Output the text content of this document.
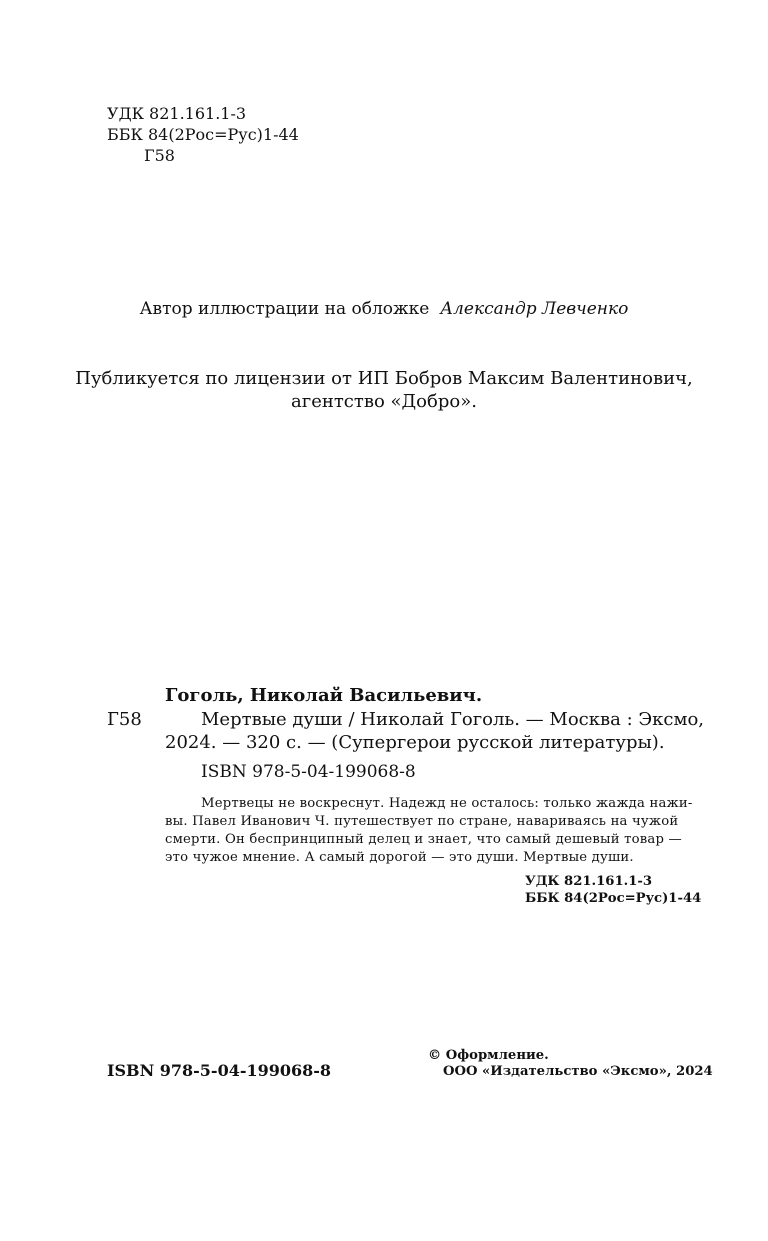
УДК 821.161.1-3
ББК 84(2Рос=Рус)1-44
Г58
Автор иллюстрации на обложке Александр Левченко
Публикуется по лицензии от ИП Бобров Максим Валентинович,
агентство «Добро».
Гоголь, Николай Васильевич.
Г58	Мертвые души / Николай Гоголь. — Москва : Эксмо,
2024. — 320 с. — (Супергерои русской литературы).
ISBN 978-5-04-199068-8
Мертвецы не воскреснут. Надежд не осталось: только жажда нажи-
вы. Павел Иванович Ч. путешествует по стране, навариваясь на чужой
смерти. Он беспринципный делец и знает, что самый дешевый товар —
это чужое мнение. А самый дорогой — это души. Мертвые души.
УДК 821.161.1-3
ББК 84(2Рос=Рус)1-44
ISBN 978-5-04-199068-8
© Оформление.
ООО «Издательство «Эксмо», 2024
